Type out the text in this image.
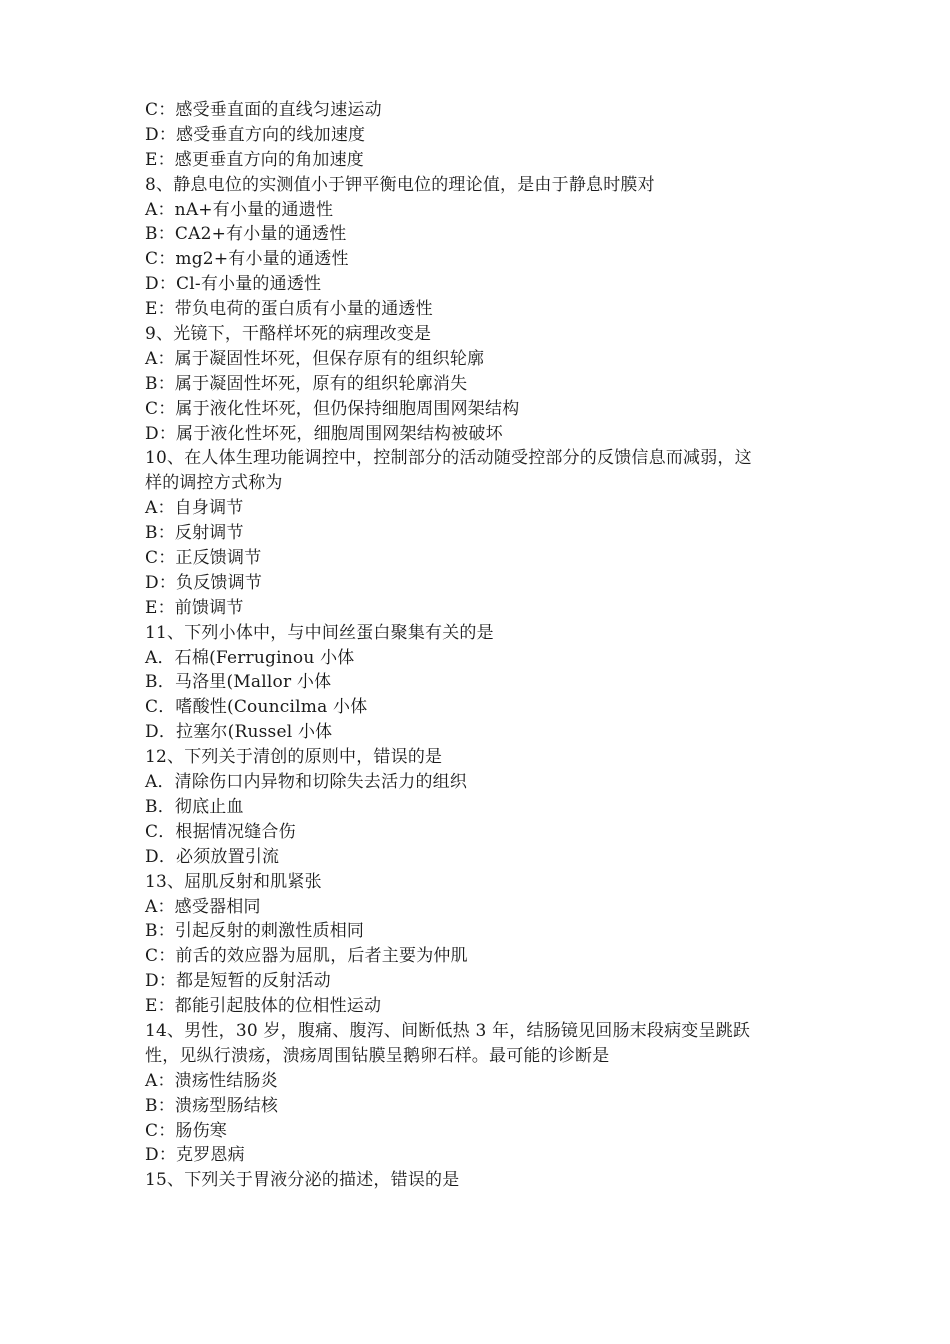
C：感受垂直面的直线匀速运动
D：感受垂直方向的线加速度
E：感更垂直方向的角加速度
8、静息电位的实测值小于钾平衡电位的理论值，是由于静息时膜对
A：nA+有小量的通遗性
B：CA2+有小量的通透性
C：mg2+有小量的通透性
D：Cl-有小量的通透性
E：带负电荷的蛋白质有小量的通透性
9、光镜下，干酪样坏死的病理改变是
A：属于凝固性坏死，但保存原有的组织轮廓
B：属于凝固性坏死，原有的组织轮廓消失
C：属于液化性坏死，但仍保持细胞周围网架结构
D：属于液化性坏死，细胞周围网架结构被破坏
10、在人体生理功能调控中，控制部分的活动随受控部分的反馈信息而减弱，这
样的调控方式称为
A：自身调节
B：反射调节
C：正反馈调节
D：负反馈调节
E：前馈调节
11、下列小体中，与中间丝蛋白聚集有关的是
A．石棉(Ferruginou 小体
B．马洛里(Mallor 小体
C．嗜酸性(Councilma 小体
D．拉塞尔(Russel 小体
12、下列关于清创的原则中，错误的是
A．清除伤口内异物和切除失去活力的组织
B．彻底止血
C．根据情况缝合伤
D．必须放置引流
13、屈肌反射和肌紧张
A：感受器相同
B：引起反射的刺激性质相同
C：前舌的效应器为屈肌，后者主要为仲肌
D：都是短暂的反射活动
E：都能引起肢体的位相性运动
14、男性，30 岁，腹痛、腹泻、间断低热 3 年，结肠镜见回肠末段病变呈跳跃
性，见纵行溃疡，溃疡周围钻膜呈鹅卵石样。最可能的诊断是
A：溃疡性结肠炎
B：溃疡型肠结核
C：肠伤寒
D：克罗恩病
15、下列关于胃液分泌的描述，错误的是
